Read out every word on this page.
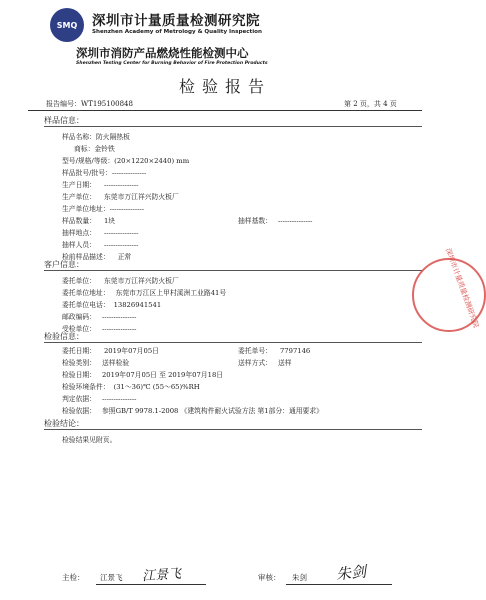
SMQ 深圳市计量质量检测研究院
Shenzhen Academy of Metrology & Quality Inspection
深圳市消防产品燃烧性能检测中心
Shenzhen Testing Center for Burning Behavior of Fire Protection Products
检验报告
报告编号：WT195100848	第 2 页，共 4 页
样品信息：
样品名称：防火隔热板
商标：金铃铁
型号/规格/等级：(20×1220×2440) mm
样品批号/批号：---------------
生产日期： ---------------
生产单位： 东莞市万江祥兴防火板厂
生产单位地址：---------------
样品数量： 1块
抽样地点： ---------------
抽样人员： ---------------
检前样品描述： 正常
抽样基数： ---------------
客户信息：
委托单位： 东莞市万江祥兴防火板厂
委托单位地址： 东莞市万江区上甲村溪洲工业路41号
委托单位电话： 13826941541
邮政编码： ---------------
受检单位： ---------------
检验信息：
委托日期： 2019年07月05日
检验类别： 送样检验
检验日期： 2019年07月05日 至 2019年07月18日
检验环境条件： (31～36)℃ (55～65)%RH
判定依据： ---------------
检验依据： 参照GB/T 9978.1-2008 《建筑构件耐火试验方法 第1部分：通用要求》
委托单号： 7797146
送样方式： 送样
检验结论：
检验结果见附页。
主检： 江景飞 江景飞	审核： 朱剑 朱剑
深圳市计量质量检测研究院
